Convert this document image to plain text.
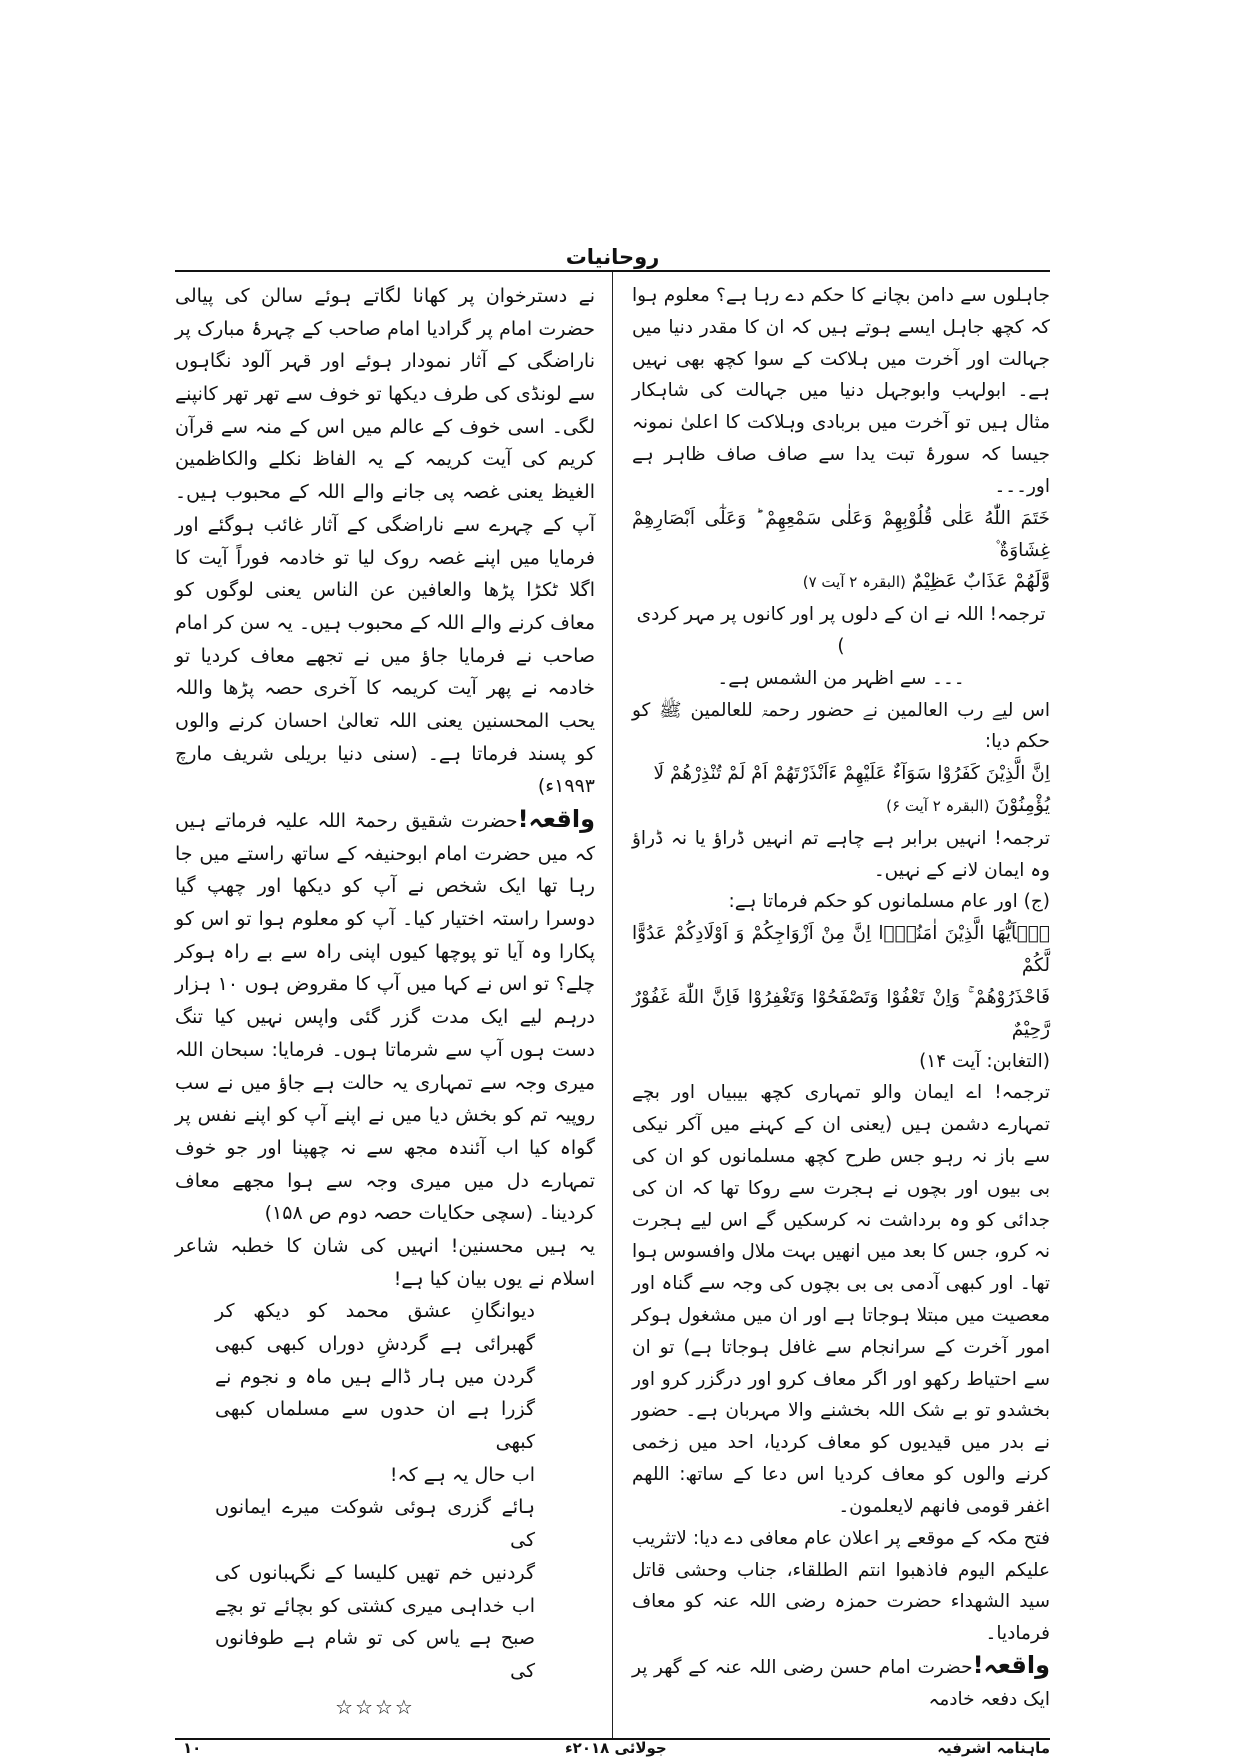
روحانیات

جاہلوں سے دامن بچانے کا حکم دے رہا ہے؟ معلوم ہوا کہ کچھ جاہل ایسے ہوتے ہیں کہ ان کا مقدر دنیا میں جہالت اور آخرت میں ہلاکت کے سوا کچھ بھی نہیں ہے۔ ابولہب وابوجہل دنیا میں جہالت کی شاہکار مثال ہیں تو آخرت میں بربادی وہلاکت کا اعلیٰ نمونہ جیسا کہ سورۂ تبت یدا سے صاف صاف ظاہر ہے اور۔۔۔

خَتَمَ اللّٰهُ عَلٰى قُلُوْبِهِمْ وَعَلٰى سَمْعِهِمْ ؕ وَعَلٰٓى اَبْصَارِهِمْ غِشَاوَةٌ ۫

وَّلَهُمْ عَذَابٌ عَظِيْمٌ (البقرہ ۲ آیت ۷)

ترجمہ! اللہ نے ان کے دلوں پر اور کانوں پر مہر کردی )

۔۔۔ سے اظہر من الشمس ہے۔

اس لیے رب العالمین نے حضور رحمۃ للعالمین ﷺ کو حکم دیا:

اِنَّ الَّذِيْنَ كَفَرُوْا سَوَآءٌ عَلَيْهِمْ ءَاَنْذَرْتَهُمْ اَمْ لَمْ تُنْذِرْهُمْ لَا

يُؤْمِنُوْنَ (البقرہ ۲ آیت ۶)

ترجمہ! انہیں برابر ہے چاہے تم انہیں ڈراؤ یا نہ ڈراؤ وہ ایمان لانے کے نہیں۔

(ج) اور عام مسلمانوں کو حکم فرماتا ہے:

يٰۤاَيُّهَا الَّذِيْنَ اٰمَنُوْۤا اِنَّ مِنْ اَزْوَاجِكُمْ وَ اَوْلَادِكُمْ عَدُوًّا لَّكُمْ

فَاحْذَرُوْهُمْ ۚ وَاِنْ تَعْفُوْا وَتَصْفَحُوْا وَتَغْفِرُوْا فَاِنَّ اللّٰهَ غَفُوْرٌ رَّحِيْمٌ

(التغابن: آیت ۱۴)

ترجمہ! اے ایمان والو تمہاری کچھ بیبیاں اور بچے تمہارے دشمن ہیں (یعنی ان کے کہنے میں آکر نیکی سے باز نہ رہو جس طرح کچھ مسلمانوں کو ان کی بی بیوں اور بچوں نے ہجرت سے روکا تھا کہ ان کی جدائی کو وہ برداشت نہ کرسکیں گے اس لیے ہجرت نہ کرو، جس کا بعد میں انھیں بہت ملال وافسوس ہوا تھا۔ اور کبھی آدمی بی بی بچوں کی وجہ سے گناہ اور معصیت میں مبتلا ہوجاتا ہے اور ان میں مشغول ہوکر امور آخرت کے سرانجام سے غافل ہوجاتا ہے) تو ان سے احتیاط رکھو اور اگر معاف کرو اور درگزر کرو اور بخشدو تو بے شک اللہ بخشنے والا مہربان ہے۔ حضور نے بدر میں قیدیوں کو معاف کردیا، احد میں زخمی کرنے والوں کو معاف کردیا اس دعا کے ساتھ: اللھم اغفر قومی فانھم لایعلمون۔

فتح مکہ کے موقعے پر اعلان عام معافی دے دیا: لاتثریب علیکم الیوم فاذھبوا انتم الطلقاء، جناب وحشی قاتل سید الشھداء حضرت حمزہ رضی اللہ عنہ کو معاف فرمادیا۔

واقعہ!حضرت امام حسن رضی اللہ عنہ کے گھر پر ایک دفعہ خادمہ

نے دسترخوان پر کھانا لگاتے ہوئے سالن کی پیالی حضرت امام پر گرادیا امام صاحب کے چہرۂ مبارک پر ناراضگی کے آثار نمودار ہوئے اور قہر آلود نگاہوں سے لونڈی کی طرف دیکھا تو خوف سے تھر تھر کانپنے لگی۔ اسی خوف کے عالم میں اس کے منہ سے قرآن کریم کی آیت کریمہ کے یہ الفاظ نکلے والکاظمین الغیظ یعنی غصہ پی جانے والے اللہ کے محبوب ہیں۔ آپ کے چہرے سے ناراضگی کے آثار غائب ہوگئے اور فرمایا میں اپنے غصہ روک لیا تو خادمہ فوراً آیت کا اگلا ٹکڑا پڑھا والعافین عن الناس یعنی لوگوں کو معاف کرنے والے اللہ کے محبوب ہیں۔ یہ سن کر امام صاحب نے فرمایا جاؤ میں نے تجھے معاف کردیا تو خادمہ نے پھر آیت کریمہ کا آخری حصہ پڑھا واللہ یحب المحسنین یعنی اللہ تعالیٰ احسان کرنے والوں کو پسند فرماتا ہے۔ (سنی دنیا بریلی شریف مارچ ۱۹۹۳ء)

واقعہ!حضرت شقیق رحمۃ اللہ علیہ فرماتے ہیں کہ میں حضرت امام ابوحنیفہ کے ساتھ راستے میں جا رہا تھا ایک شخص نے آپ کو دیکھا اور چھپ گیا دوسرا راستہ اختیار کیا۔ آپ کو معلوم ہوا تو اس کو پکارا وہ آیا تو پوچھا کیوں اپنی راہ سے بے راہ ہوکر چلے؟ تو اس نے کہا میں آپ کا مقروض ہوں ۱۰ ہزار درہم لیے ایک مدت گزر گئی واپس نہیں کیا تنگ دست ہوں آپ سے شرماتا ہوں۔ فرمایا: سبحان اللہ میری وجہ سے تمہاری یہ حالت ہے جاؤ میں نے سب روپیہ تم کو بخش دیا میں نے اپنے آپ کو اپنے نفس پر گواہ کیا اب آئندہ مجھ سے نہ چھپنا اور جو خوف تمہارے دل میں میری وجہ سے ہوا مجھے معاف کردینا۔ (سچی حکایات حصہ دوم ص ۱۵۸)

یہ ہیں محسنین! انہیں کی شان کا خطبہ شاعر اسلام نے یوں بیان کیا ہے!

دیوانگانِ عشق محمد کو دیکھ کر

گھبرائی ہے گردشِ دوراں کبھی کبھی

گردن میں ہار ڈالے ہیں ماہ و نجوم نے

گزرا ہے ان حدوں سے مسلماں کبھی کبھی

اب حال یہ ہے کہ!

ہائے گزری ہوئی شوکت میرے ایمانوں کی

گردنیں خم تھیں کلیسا کے نگہبانوں کی

اب خداہی میری کشتی کو بچائے تو بچے

صبح ہے یاس کی تو شام ہے طوفانوں کی

☆☆☆☆
ماہنامہ اشرفیہ
جولائی ۲۰۱۸ء
۱۰
